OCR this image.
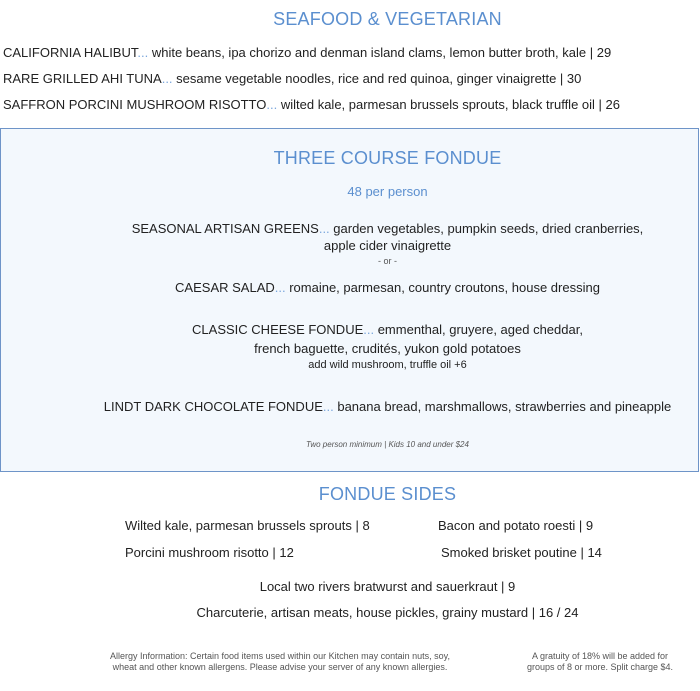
SEAFOOD & VEGETARIAN
CALIFORNIA HALIBUT... white beans, ipa chorizo and denman island clams, lemon butter broth, kale | 29
RARE GRILLED AHI TUNA... sesame vegetable noodles, rice and red quinoa, ginger vinaigrette | 30
SAFFRON PORCINI MUSHROOM RISOTTO... wilted kale, parmesan brussels sprouts, black truffle oil | 26
THREE COURSE FONDUE
48 per person
SEASONAL ARTISAN GREENS... garden vegetables, pumpkin seeds, dried cranberries,
apple cider vinaigrette
- or -
CAESAR SALAD... romaine, parmesan, country croutons, house dressing
CLASSIC CHEESE FONDUE... emmenthal, gruyere, aged cheddar,
french baguette, crudités, yukon gold potatoes
add wild mushroom, truffle oil +6
LINDT DARK CHOCOLATE FONDUE... banana bread, marshmallows, strawberries and pineapple
Two person minimum | Kids 10 and under $24
FONDUE SIDES
Wilted kale, parmesan brussels sprouts | 8	Bacon and potato roesti | 9
Porcini mushroom risotto | 12	Smoked brisket poutine | 14
Local two rivers bratwurst and sauerkraut | 9
Charcuterie, artisan meats, house pickles, grainy mustard | 16 / 24
Allergy Information: Certain food items used within our Kitchen may contain nuts, soy,
wheat and other known allergens. Please advise your server of any known allergies.
A gratuity of 18% will be added for
groups of 8 or more. Split charge $4.
